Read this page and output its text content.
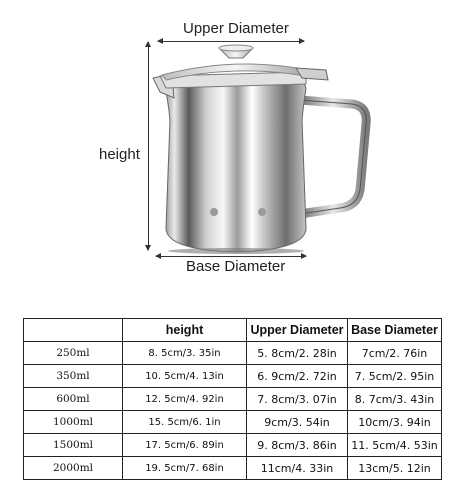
Upper Diameter
height
Base Diameter
	height	Upper Diameter	Base Diameter
250ml	8. 5cm/3. 35in	5. 8cm/2. 28in	7cm/2. 76in
350ml	10. 5cm/4. 13in	6. 9cm/2. 72in	7. 5cm/2. 95in
600ml	12. 5cm/4. 92in	7. 8cm/3. 07in	8. 7cm/3. 43in
1000ml	15. 5cm/6. 1in	9cm/3. 54in	10cm/3. 94in
1500ml	17. 5cm/6. 89in	9. 8cm/3. 86in	11. 5cm/4. 53in
2000ml	19. 5cm/7. 68in	11cm/4. 33in	13cm/5. 12in
